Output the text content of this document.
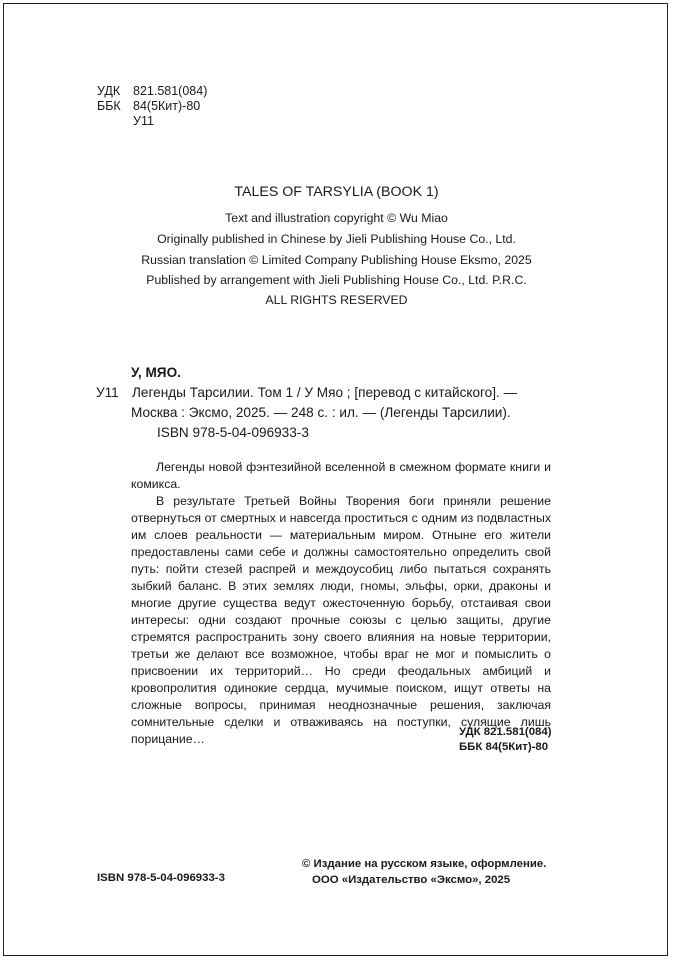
УДК 821.581(084)
ББК 84(5Кит)-80
У11
TALES OF TARSYLIA (BOOK 1)
Text and illustration copyright © Wu Miao
Originally published in Chinese by Jieli Publishing House Co., Ltd.
Russian translation © Limited Company Publishing House Eksmo, 2025
Published by arrangement with Jieli Publishing House Co., Ltd. P.R.C.
ALL RIGHTS RESERVED
У11
У, МЯО.
Легенды Тарсилии. Том 1 / У Мяо ; [перевод с китайского]. —
Москва : Эксмо, 2025. — 248 с. : ил. — (Легенды Тарсилии).
ISBN 978-5-04-096933-3

Легенды новой фэнтезийной вселенной в смежном формате книги и комикса.

В результате Третьей Войны Творения боги приняли решение отвернуться от смертных и навсегда проститься с одним из подвластных им слоев реальности — материальным миром. Отныне его жители предоставлены сами себе и должны самостоятельно определить свой путь: пойти стезей распрей и междоусобиц либо пытаться сохранять зыбкий баланс. В этих землях люди, гномы, эльфы, орки, драконы и многие другие существа ведут ожесточенную борьбу, отстаивая свои интересы: одни создают прочные союзы с целью защиты, другие стремятся распространить зону своего влияния на новые территории, третьи же делают все возможное, чтобы враг не мог и помыслить о присвоении их территорий… Но среди феодальных амбиций и кровопролития одинокие сердца, мучимые поиском, ищут ответы на сложные вопросы, принимая неоднозначные решения, заключая сомнительные сделки и отваживаясь на поступки, сулящие лишь порицание…	УДК 821.581(084)
ББК 84(5Кит)-80
ISBN 978-5-04-096933-3
© Издание на русском языке, оформление.
ООО «Издательство «Эксмо», 2025
